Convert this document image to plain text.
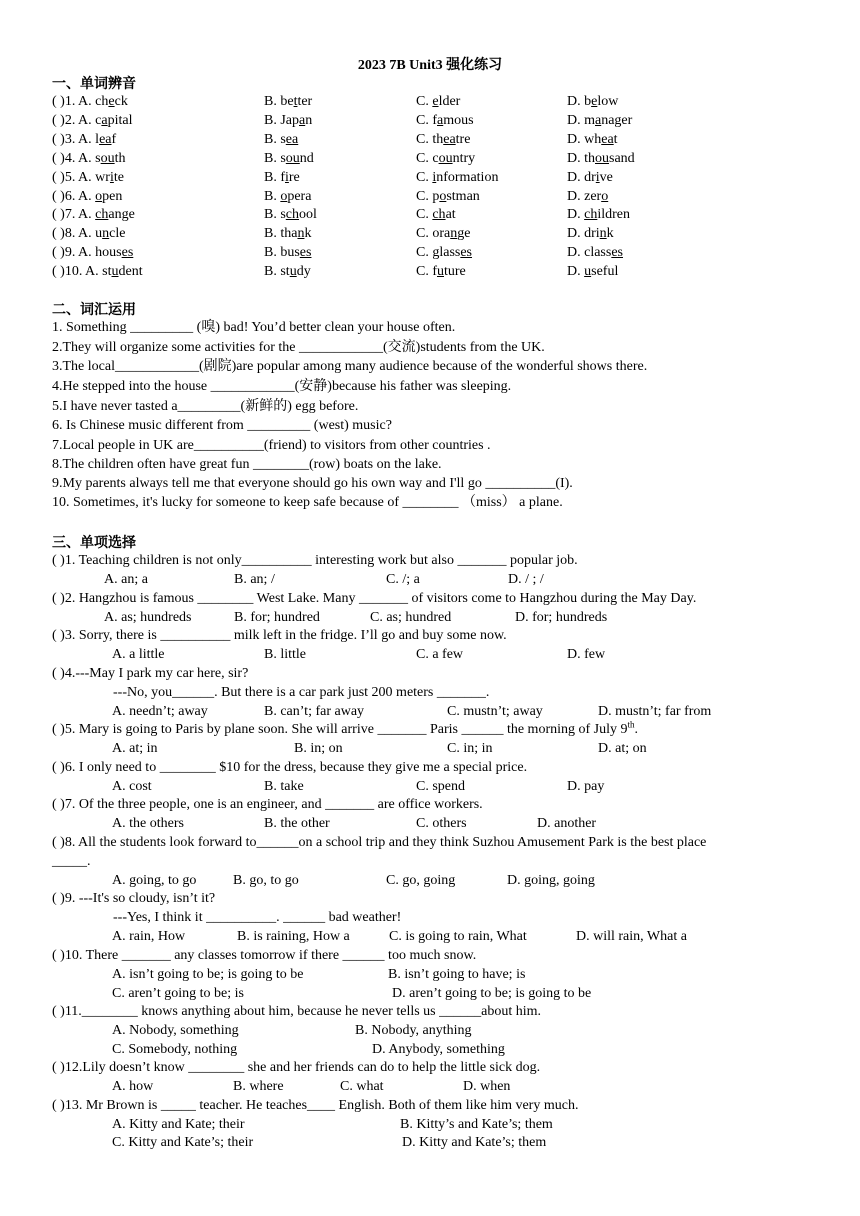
2023 7B Unit3 强化练习
一、单词辨音
( )1. A. check	B. better	C. elder	D. below
( )2. A. capital	B. Japan	C. famous	D. manager
( )3. A. leaf	B. sea	C. theatre	D. wheat
( )4. A. south	B. sound	C. country	D. thousand
( )5. A. write	B. fire	C. information	D. drive
( )6. A. open	B. opera	C. postman	D. zero
( )7. A. change	B. school	C. chat	D. children
( )8. A. uncle	B. thank	C. orange	D. drink
( )9. A. houses	B. buses	C. glasses	D. classes
( )10. A. student	B. study	C. future	D. useful
二、词汇运用
1. Something _________ (嗅) bad! You’d better clean your house often.
2.They will organize some activities for the ____________(交流)students from the UK.
3.The local____________(剧院)are popular among many audience because of the wonderful shows there.
4.He stepped into the house ____________(安静)because his father was sleeping.
5.I have never tasted a_________(新鲜的) egg before.
6. Is Chinese music different from _________ (west) music?
7.Local people in UK are__________(friend) to visitors from other countries .
8.The children often have great fun ________(row) boats on the lake.
9.My parents always tell me that everyone should go his own way and I'll go __________(I).
10. Sometimes, it's lucky for someone to keep safe because of ________ （miss） a plane.
三、单项选择
( )1. Teaching children is not only__________ interesting work but also _______ popular job.
A. an; a	B. an; /	C. /; a	D. / ; /
( )2. Hangzhou is famous ________ West Lake. Many _______ of visitors come to Hangzhou during the May Day.
A. as; hundreds	B. for; hundred	C. as; hundred	D. for; hundreds
( )3. Sorry, there is __________ milk left in the fridge. I’ll go and buy some now.
A. a little	B. little	C. a few	D. few
( )4.---May I park my car here, sir?
---No, you______. But there is a car park just 200 meters _______.
A. needn’t; away	B. can’t; far away	C. mustn’t; away	D. mustn’t; far from
( )5. Mary is going to Paris by plane soon. She will arrive _______ Paris ______ the morning of July 9th.
A. at; in	B. in; on	C. in; in	D. at; on
( )6. I only need to ________ $10 for the dress, because they give me a special price.
A. cost	B. take	C. spend	D. pay
( )7. Of the three people, one is an engineer, and _______ are office workers.
A. the others	B. the other	C. others	D. another
( )8. All the students look forward to______on a school trip and they think Suzhou Amusement Park is the best place
_____.
A. going, to go	B. go, to go	C. go, going	D. going, going
( )9. ---It's so cloudy, isn’t it?
---Yes, I think it __________. ______ bad weather!
A. rain, How	B. is raining, How a	C. is going to rain, What	D. will rain, What a
( )10. There _______ any classes tomorrow if there ______ too much snow.
A. isn’t going to be; is going to be	B. isn’t going to have; is
C. aren’t going to be; is	D. aren’t going to be; is going to be
( )11.________ knows anything about him, because he never tells us ______about him.
A. Nobody, something	B. Nobody, anything
C. Somebody, nothing	D. Anybody, something
( )12.Lily doesn’t know ________ she and her friends can do to help the little sick dog.
A. how	B. where	C. what	D. when
( )13. Mr Brown is _____ teacher. He teaches____ English. Both of them like him very much.
A. Kitty and Kate; their	B. Kitty’s and Kate’s; them
C. Kitty and Kate’s; their	D. Kitty and Kate’s; them
